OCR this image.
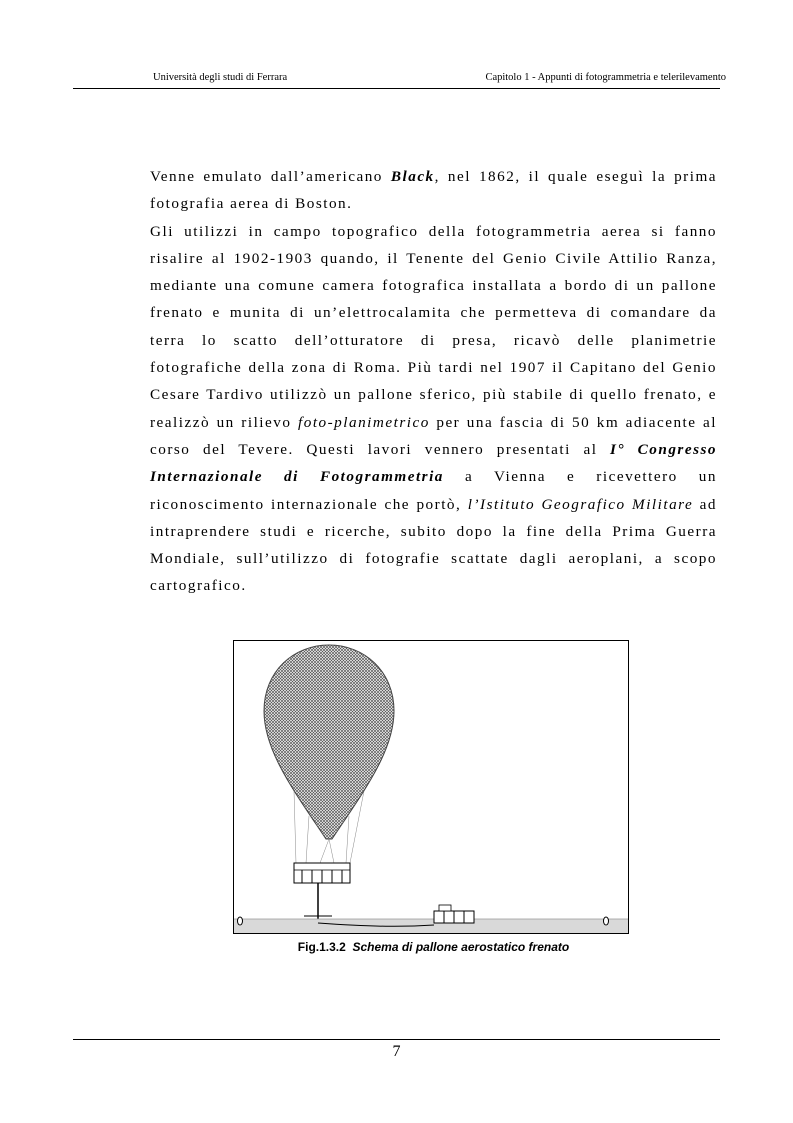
Università degli studi di Ferrara	Capitolo 1 - Appunti di fotogrammetria e telerilevamento

Venne emulato dall’americano Black, nel 1862, il quale eseguì la prima fotografia aerea di Boston.

Gli utilizzi in campo topografico della fotogrammetria aerea si fanno risalire al 1902-1903 quando, il Tenente del Genio Civile Attilio Ranza, mediante una comune camera fotografica installata a bordo di un pallone frenato e munita di un’elettrocalamita che permetteva di comandare da terra lo scatto dell’otturatore di presa, ricavò delle planimetrie fotografiche della zona di Roma. Più tardi nel 1907 il Capitano del Genio Cesare Tardivo utilizzò un pallone sferico, più stabile di quello frenato, e realizzò un rilievo foto-planimetrico per una fascia di 50 km adiacente al corso del Tevere. Questi lavori vennero presentati al I° Congresso Internazionale di Fotogrammetria a Vienna e ricevettero un riconoscimento internazionale che portò, l’Istituto Geografico Militare ad intraprendere studi e ricerche, subito dopo la fine della Prima Guerra Mondiale, sull’utilizzo di fotografie scattate dagli aeroplani, a scopo cartografico.

Fig.1.3.2 Schema di pallone aerostatico frenato
7
